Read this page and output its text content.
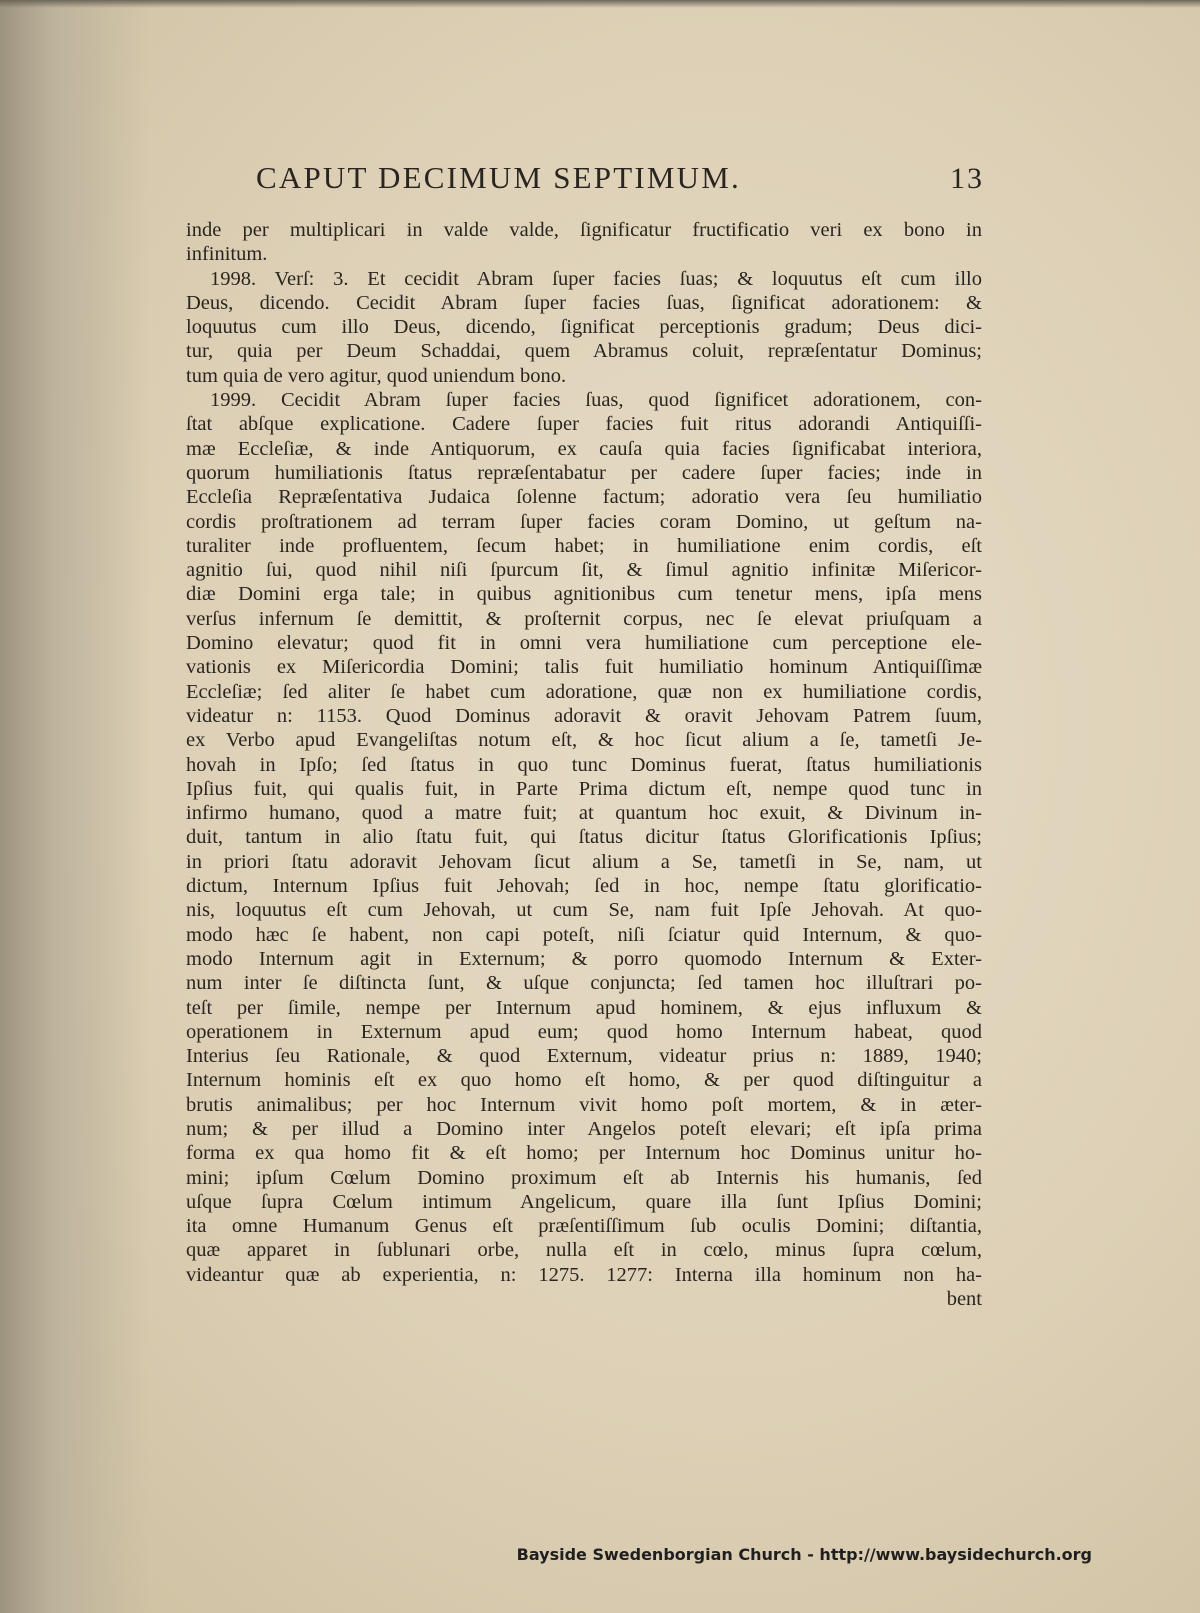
CAPUT DECIMUM SEPTIMUM.	13
inde per multiplicari in valde valde, ſignificatur fructificatio veri ex bono in
infinitum.
1998. Verſ: 3. Et cecidit Abram ſuper facies ſuas; & loquutus eſt cum illo
Deus, dicendo. Cecidit Abram ſuper facies ſuas, ſignificat adorationem: &
loquutus cum illo Deus, dicendo, ſignificat perceptionis gradum; Deus dici-
tur, quia per Deum Schaddai, quem Abramus coluit, repræſentatur Dominus;
tum quia de vero agitur, quod uniendum bono.
1999. Cecidit Abram ſuper facies ſuas, quod ſignificet adorationem, con-
ſtat abſque explicatione. Cadere ſuper facies fuit ritus adorandi Antiquiſſi-
mæ Eccleſiæ, & inde Antiquorum, ex cauſa quia facies ſignificabat interiora,
quorum humiliationis ſtatus repræſentabatur per cadere ſuper facies; inde in
Eccleſia Repræſentativa Judaica ſolenne factum; adoratio vera ſeu humiliatio
cordis proſtrationem ad terram ſuper facies coram Domino, ut geſtum na-
turaliter inde profluentem, ſecum habet; in humiliatione enim cordis, eſt
agnitio ſui, quod nihil niſi ſpurcum ſit, & ſimul agnitio infinitæ Miſericor-
diæ Domini erga tale; in quibus agnitionibus cum tenetur mens, ipſa mens
verſus infernum ſe demittit, & proſternit corpus, nec ſe elevat priuſquam a
Domino elevatur; quod fit in omni vera humiliatione cum perceptione ele-
vationis ex Miſericordia Domini; talis fuit humiliatio hominum Antiquiſſimæ
Eccleſiæ; ſed aliter ſe habet cum adoratione, quæ non ex humiliatione cordis,
videatur n: 1153. Quod Dominus adoravit & oravit Jehovam Patrem ſuum,
ex Verbo apud Evangeliſtas notum eſt, & hoc ſicut alium a ſe, tametſi Je-
hovah in Ipſo; ſed ſtatus in quo tunc Dominus fuerat, ſtatus humiliationis
Ipſius fuit, qui qualis fuit, in Parte Prima dictum eſt, nempe quod tunc in
infirmo humano, quod a matre fuit; at quantum hoc exuit, & Divinum in-
duit, tantum in alio ſtatu fuit, qui ſtatus dicitur ſtatus Glorificationis Ipſius;
in priori ſtatu adoravit Jehovam ſicut alium a Se, tametſi in Se, nam, ut
dictum, Internum Ipſius fuit Jehovah; ſed in hoc, nempe ſtatu glorificatio-
nis, loquutus eſt cum Jehovah, ut cum Se, nam fuit Ipſe Jehovah. At quo-
modo hæc ſe habent, non capi poteſt, niſi ſciatur quid Internum, & quo-
modo Internum agit in Externum; & porro quomodo Internum & Exter-
num inter ſe diſtincta ſunt, & uſque conjuncta; ſed tamen hoc illuſtrari po-
teſt per ſimile, nempe per Internum apud hominem, & ejus influxum &
operationem in Externum apud eum; quod homo Internum habeat, quod
Interius ſeu Rationale, & quod Externum, videatur prius n: 1889, 1940;
Internum hominis eſt ex quo homo eſt homo, & per quod diſtinguitur a
brutis animalibus; per hoc Internum vivit homo poſt mortem, & in æter-
num; & per illud a Domino inter Angelos poteſt elevari; eſt ipſa prima
forma ex qua homo fit & eſt homo; per Internum hoc Dominus unitur ho-
mini; ipſum Cœlum Domino proximum eſt ab Internis his humanis, ſed
uſque ſupra Cœlum intimum Angelicum, quare illa ſunt Ipſius Domini;
ita omne Humanum Genus eſt præſentiſſimum ſub oculis Domini; diſtantia,
quæ apparet in ſublunari orbe, nulla eſt in cœlo, minus ſupra cœlum,
videantur quæ ab experientia, n: 1275. 1277: Interna illa hominum non ha-
bent
Bayside Swedenborgian Church - http://www.baysidechurch.org
